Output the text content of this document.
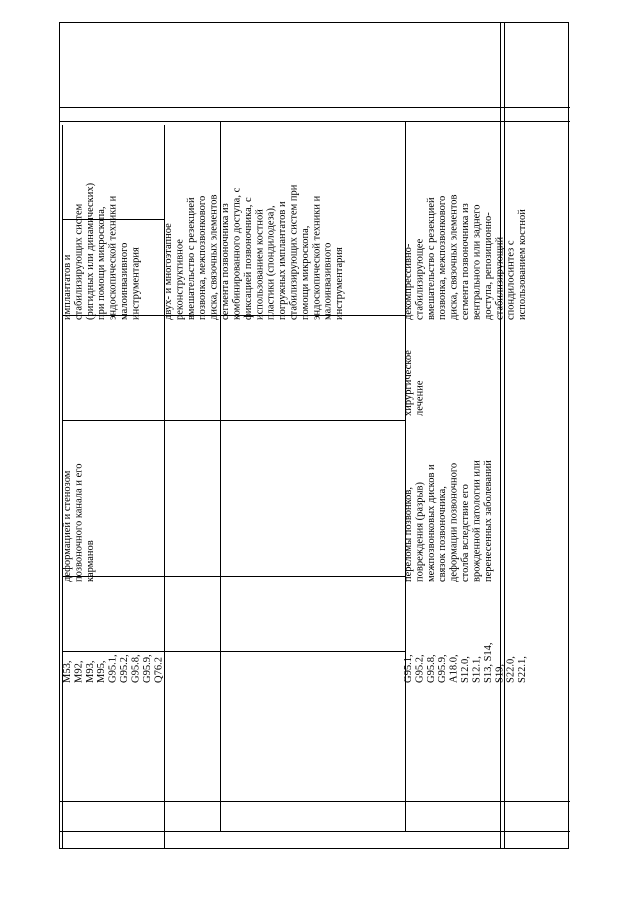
M53,
M92,
M93,
M95,
G95.1,
G95.2,
G95.8,
G95.9,
Q76.2
деформацией и стенозом
позвоночного канала и его
карманов
имплантатов и
стабилизирующих систем
(ригидных или динамических)
при помощи микроскопа,
эндоскопической техники и
малоинвазивного
инструментария	двух- и многоэтапное
реконструктивное
вмешательство с резекцией
позвонка, межпозвонкового
диска, связочных элементов
сегмента позвоночника из
комбинированного доступа, с
фиксацией позвоночника, с
использованием костной
пластики (спондилодеза),
погружных имплантатов и
стабилизирующих систем при
помощи микроскопа,
эндоскопической техники и
малоинвазивного
инструментария
G95.1,
G95.2,
G95.8,
G95.9,
A18.0,
S12.0,
S12.1,
S13, S14,
S19,
S22.0,
S22.1,
переломы позвонков,
повреждения (разрыв)
межпозвонковых дисков и
связок позвоночника,
деформации позвоночного
столба вследствие его
врожденной патологии или
перенесенных заболеваний
хирургическое
лечение
декомпрессивно-
стабилизирующее
вмешательство с резекцией
позвонка, межпозвонкового
диска, связочных элементов
сегмента позвоночника из
вентрального или заднего
доступа, репозиционно-
стабилизирующий
спондилосинтез с
использованием костной
